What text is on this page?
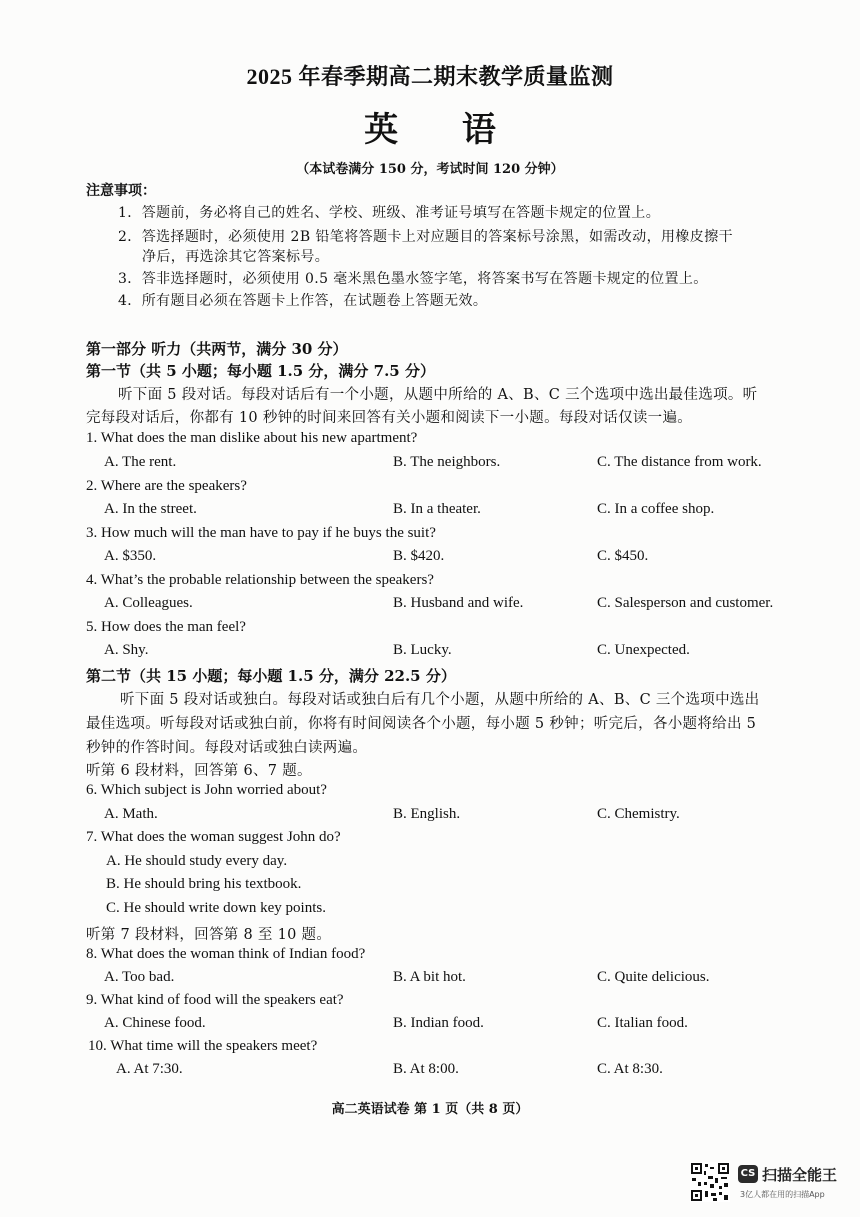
2025 年春季期高二期末教学质量监测
英 语
（本试卷满分 150 分，考试时间 120 分钟）
注意事项：
1．答题前，务必将自己的姓名、学校、班级、准考证号填写在答题卡规定的位置上。
2．答选择题时，必须使用 2B 铅笔将答题卡上对应题目的答案标号涂黑，如需改动，用橡皮擦干
净后，再选涂其它答案标号。
3．答非选择题时，必须使用 0.5 毫米黑色墨水签字笔，将答案书写在答题卡规定的位置上。
4．所有题目必须在答题卡上作答，在试题卷上答题无效。
第一部分 听力（共两节，满分 30 分）
第一节（共 5 小题；每小题 1.5 分，满分 7.5 分）
听下面 5 段对话。每段对话后有一个小题，从题中所给的 A、B、C 三个选项中选出最佳选项。听
完每段对话后，你都有 10 秒钟的时间来回答有关小题和阅读下一小题。每段对话仅读一遍。
1. What does the man dislike about his new apartment?
A. The rent.	B. The neighbors.	C. The distance from work.
2. Where are the speakers?
A. In the street.	B. In a theater.	C. In a coffee shop.
3. How much will the man have to pay if he buys the suit?
A. $350.	B. $420.	C. $450.
4. What’s the probable relationship between the speakers?
A. Colleagues.	B. Husband and wife.	C. Salesperson and customer.
5. How does the man feel?
A. Shy.	B. Lucky.	C. Unexpected.
第二节（共 15 小题；每小题 1.5 分，满分 22.5 分）
听下面 5 段对话或独白。每段对话或独白后有几个小题，从题中所给的 A、B、C 三个选项中选出
最佳选项。听每段对话或独白前，你将有时间阅读各个小题，每小题 5 秒钟；听完后，各小题将给出 5
秒钟的作答时间。每段对话或独白读两遍。
听第 6 段材料，回答第 6、7 题。
6. Which subject is John worried about?
A. Math.	B. English.	C. Chemistry.
7. What does the woman suggest John do?
A. He should study every day.
B. He should bring his textbook.
C. He should write down key points.
听第 7 段材料，回答第 8 至 10 题。
8. What does the woman think of Indian food?
A. Too bad.	B. A bit hot.	C. Quite delicious.
9. What kind of food will the speakers eat?
A. Chinese food.	B. Indian food.	C. Italian food.
10. What time will the speakers meet?
A. At 7:30.	B. At 8:00.	C. At 8:30.
高二英语试卷 第 1 页（共 8 页）
CS 扫描全能王
3亿人都在用的扫描App
